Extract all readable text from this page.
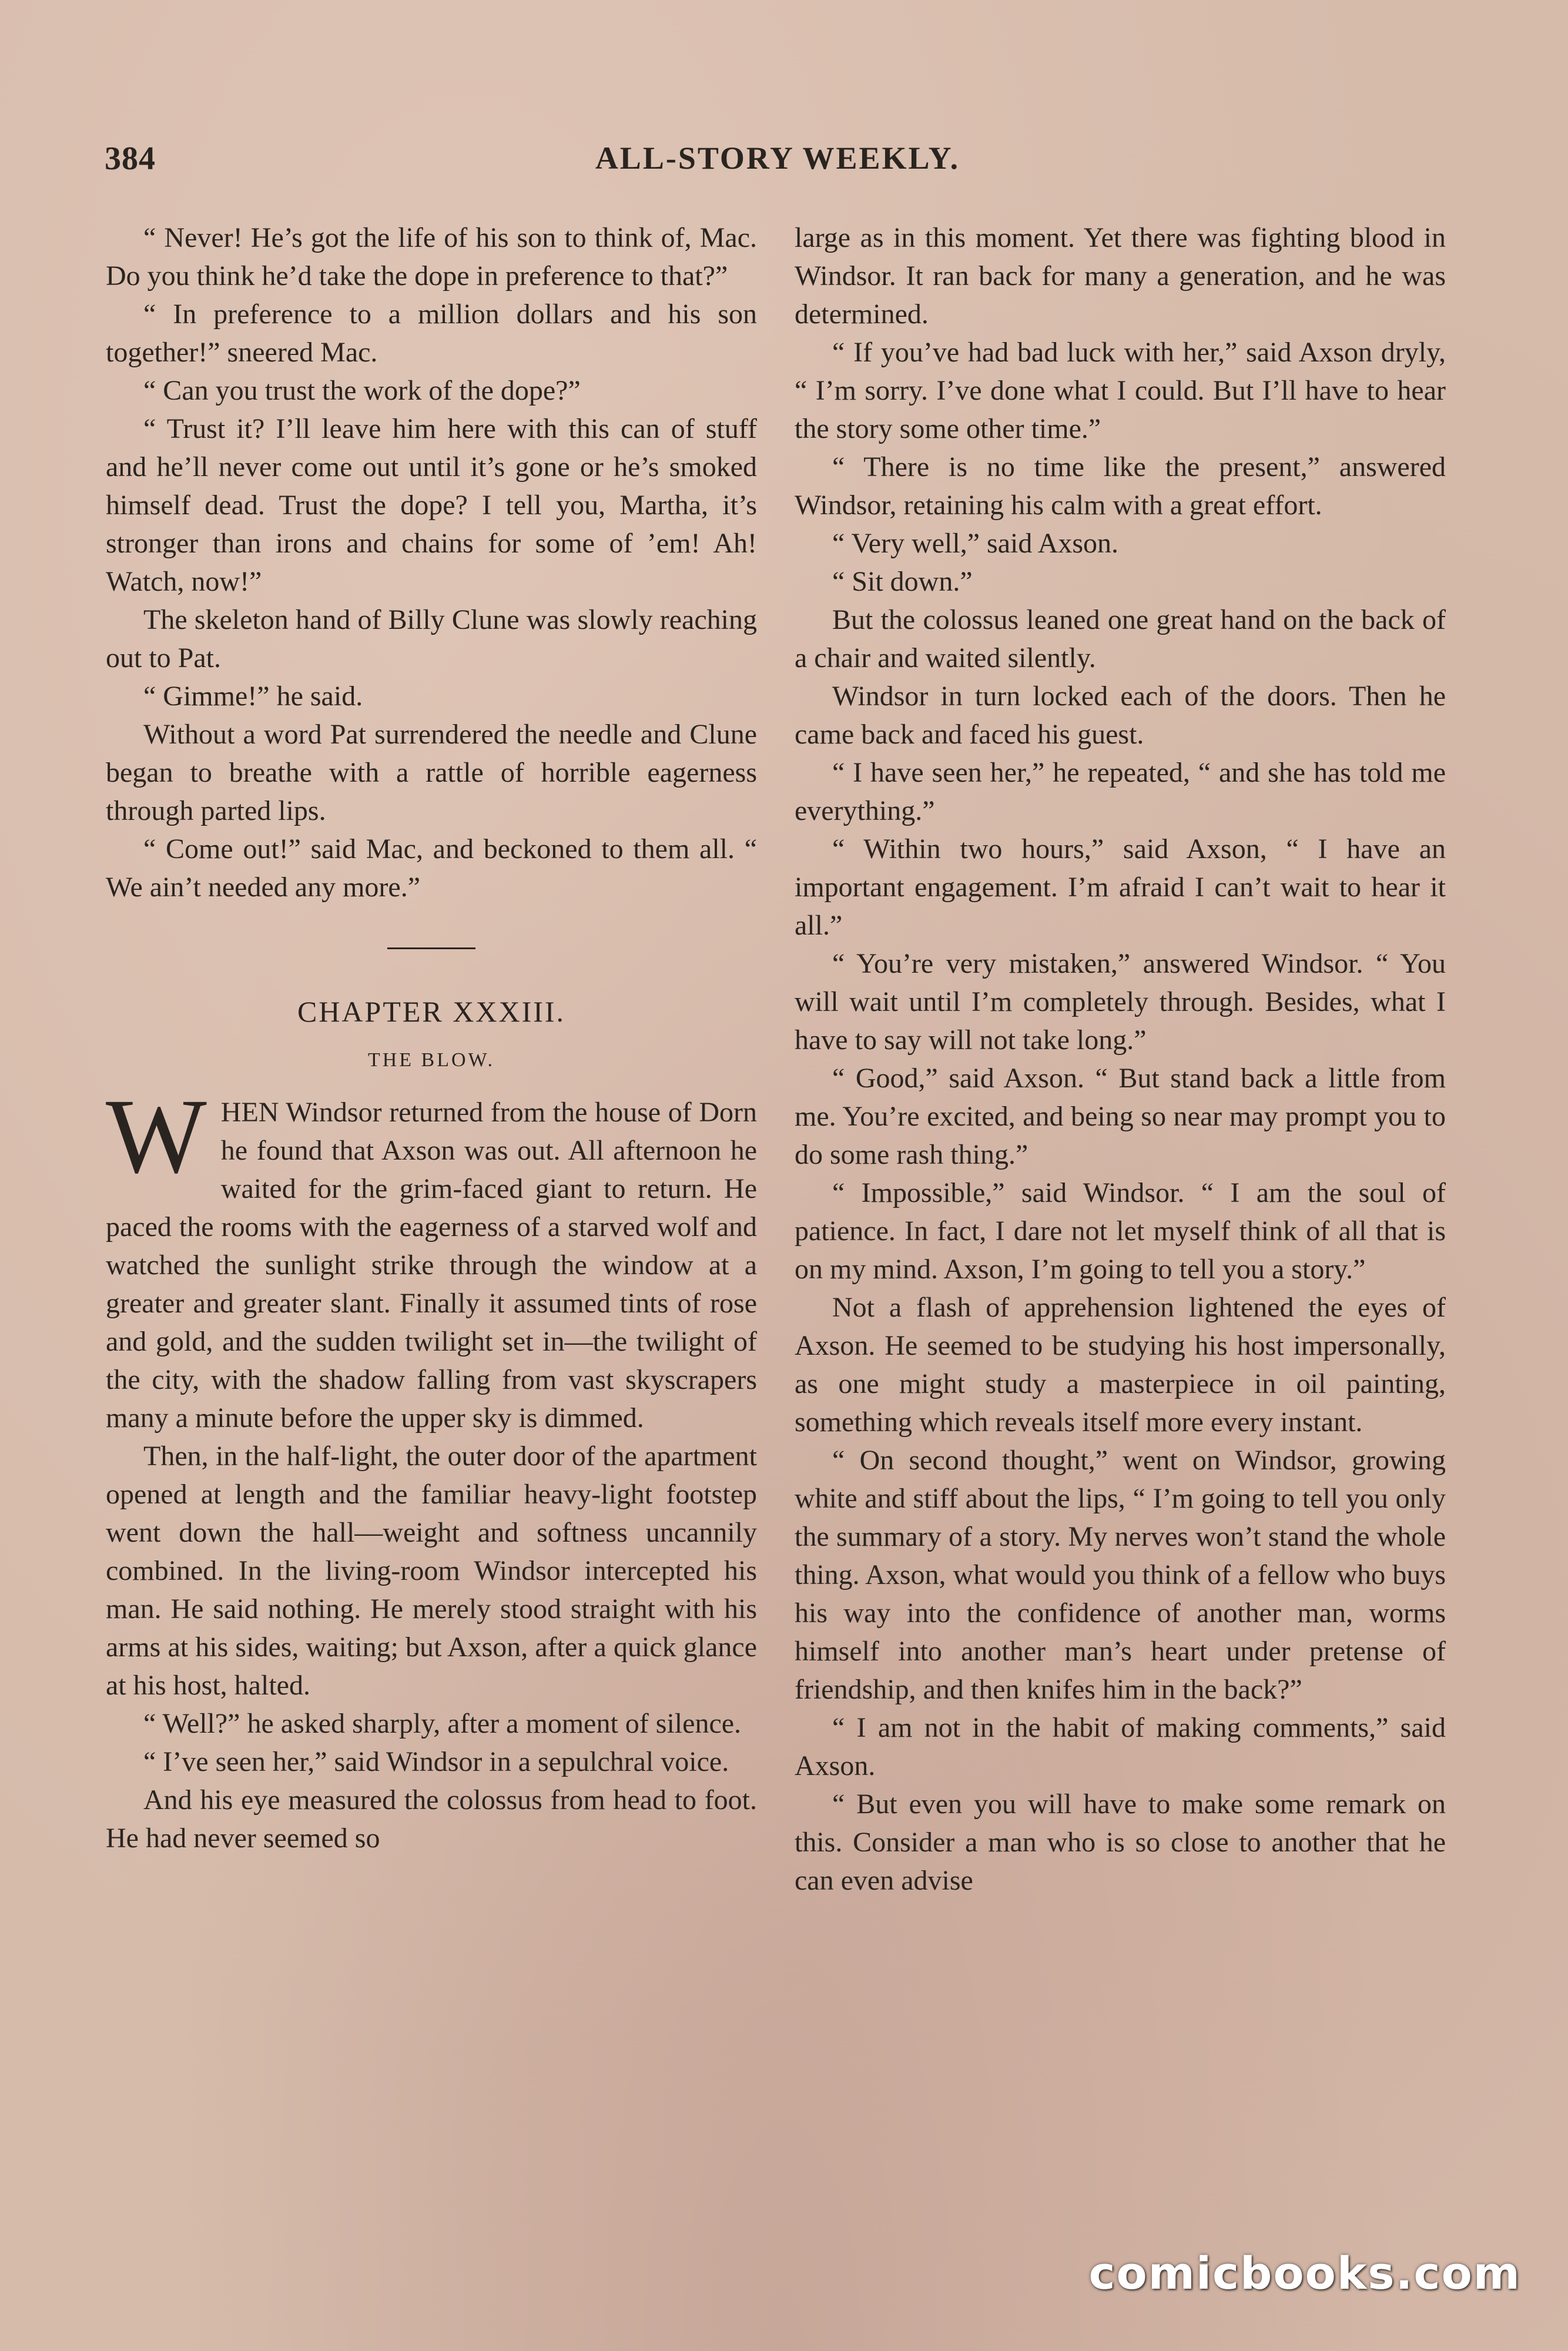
384	ALL-STORY WEEKLY.

“ Never! He’s got the life of his son to think of, Mac. Do you think he’d take the dope in preference to that?”

“ In preference to a million dollars and his son together!” sneered Mac.

“ Can you trust the work of the dope?”

“ Trust it? I’ll leave him here with this can of stuff and he’ll never come out until it’s gone or he’s smoked himself dead. Trust the dope? I tell you, Martha, it’s stronger than irons and chains for some of ’em! Ah! Watch, now!”

The skeleton hand of Billy Clune was slowly reaching out to Pat.

“ Gimme!” he said.

Without a word Pat surrendered the needle and Clune began to breathe with a rattle of horrible eagerness through parted lips.

“ Come out!” said Mac, and beckoned to them all. “ We ain’t needed any more.”

CHAPTER XXXIII.
THE BLOW.

WHEN Windsor returned from the house of Dorn he found that Axson was out. All afternoon he waited for the grim-faced giant to return. He paced the rooms with the eagerness of a starved wolf and watched the sunlight strike through the window at a greater and greater slant. Finally it assumed tints of rose and gold, and the sudden twilight set in—the twilight of the city, with the shadow falling from vast skyscrapers many a minute before the upper sky is dimmed.

Then, in the half-light, the outer door of the apartment opened at length and the familiar heavy-light footstep went down the hall—weight and softness uncannily combined. In the living-room Windsor intercepted his man. He said nothing. He merely stood straight with his arms at his sides, waiting; but Axson, after a quick glance at his host, halted.

“ Well?” he asked sharply, after a moment of silence.

“ I’ve seen her,” said Windsor in a sepulchral voice.

And his eye measured the colossus from head to foot. He had never seemed so

large as in this moment. Yet there was fighting blood in Windsor. It ran back for many a generation, and he was determined.

“ If you’ve had bad luck with her,” said Axson dryly, “ I’m sorry. I’ve done what I could. But I’ll have to hear the story some other time.”

“ There is no time like the present,” answered Windsor, retaining his calm with a great effort.

“ Very well,” said Axson.

“ Sit down.”

But the colossus leaned one great hand on the back of a chair and waited silently.

Windsor in turn locked each of the doors. Then he came back and faced his guest.

“ I have seen her,” he repeated, “ and she has told me everything.”

“ Within two hours,” said Axson, “ I have an important engagement. I’m afraid I can’t wait to hear it all.”

“ You’re very mistaken,” answered Windsor. “ You will wait until I’m completely through. Besides, what I have to say will not take long.”

“ Good,” said Axson. “ But stand back a little from me. You’re excited, and being so near may prompt you to do some rash thing.”

“ Impossible,” said Windsor. “ I am the soul of patience. In fact, I dare not let myself think of all that is on my mind. Axson, I’m going to tell you a story.”

Not a flash of apprehension lightened the eyes of Axson. He seemed to be studying his host impersonally, as one might study a masterpiece in oil painting, something which reveals itself more every instant.

“ On second thought,” went on Windsor, growing white and stiff about the lips, “ I’m going to tell you only the summary of a story. My nerves won’t stand the whole thing. Axson, what would you think of a fellow who buys his way into the confidence of another man, worms himself into another man’s heart under pretense of friendship, and then knifes him in the back?”

“ I am not in the habit of making comments,” said Axson.

“ But even you will have to make some remark on this. Consider a man who is so close to another that he can even advise

comicbooks.com
